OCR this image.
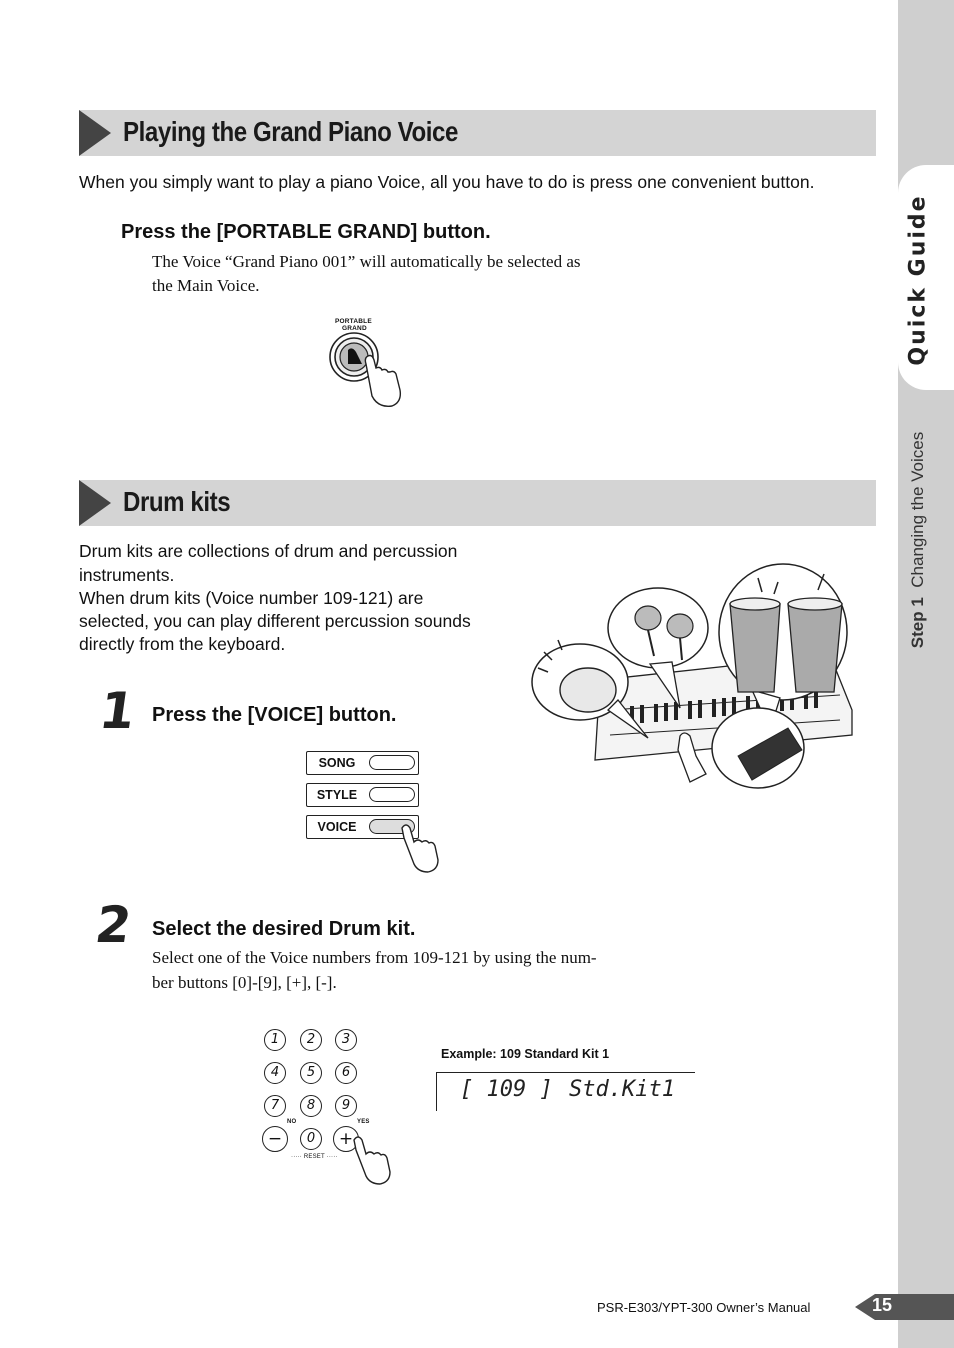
Quick Guide
Step 1  Changing the Voices
Playing the Grand Piano Voice
When you simply want to play a piano Voice, all you have to do is press one convenient button.
Press the [PORTABLE GRAND] button.
The Voice “Grand Piano 001” will automatically be selected as
the Main Voice.
PORTABLE
GRAND
Drum kits
Drum kits are collections of drum and percussion
instruments.
When drum kits (Voice number 109-121) are
selected, you can play different percussion sounds
directly from the keyboard.
1 Press the [VOICE] button.
SONG
STYLE
VOICE
2 Select the desired Drum kit.
Select one of the Voice numbers from 109-121 by using the num-
ber buttons [0]-[9], [+], [-].
1	2	3
4	5	6
7	8	9
NO	YES
−	0	+
····· RESET ·····
Example: 109 Standard Kit 1
[ 109 ] Std.Kit1
PSR-E303/YPT-300 Owner’s Manual	15
